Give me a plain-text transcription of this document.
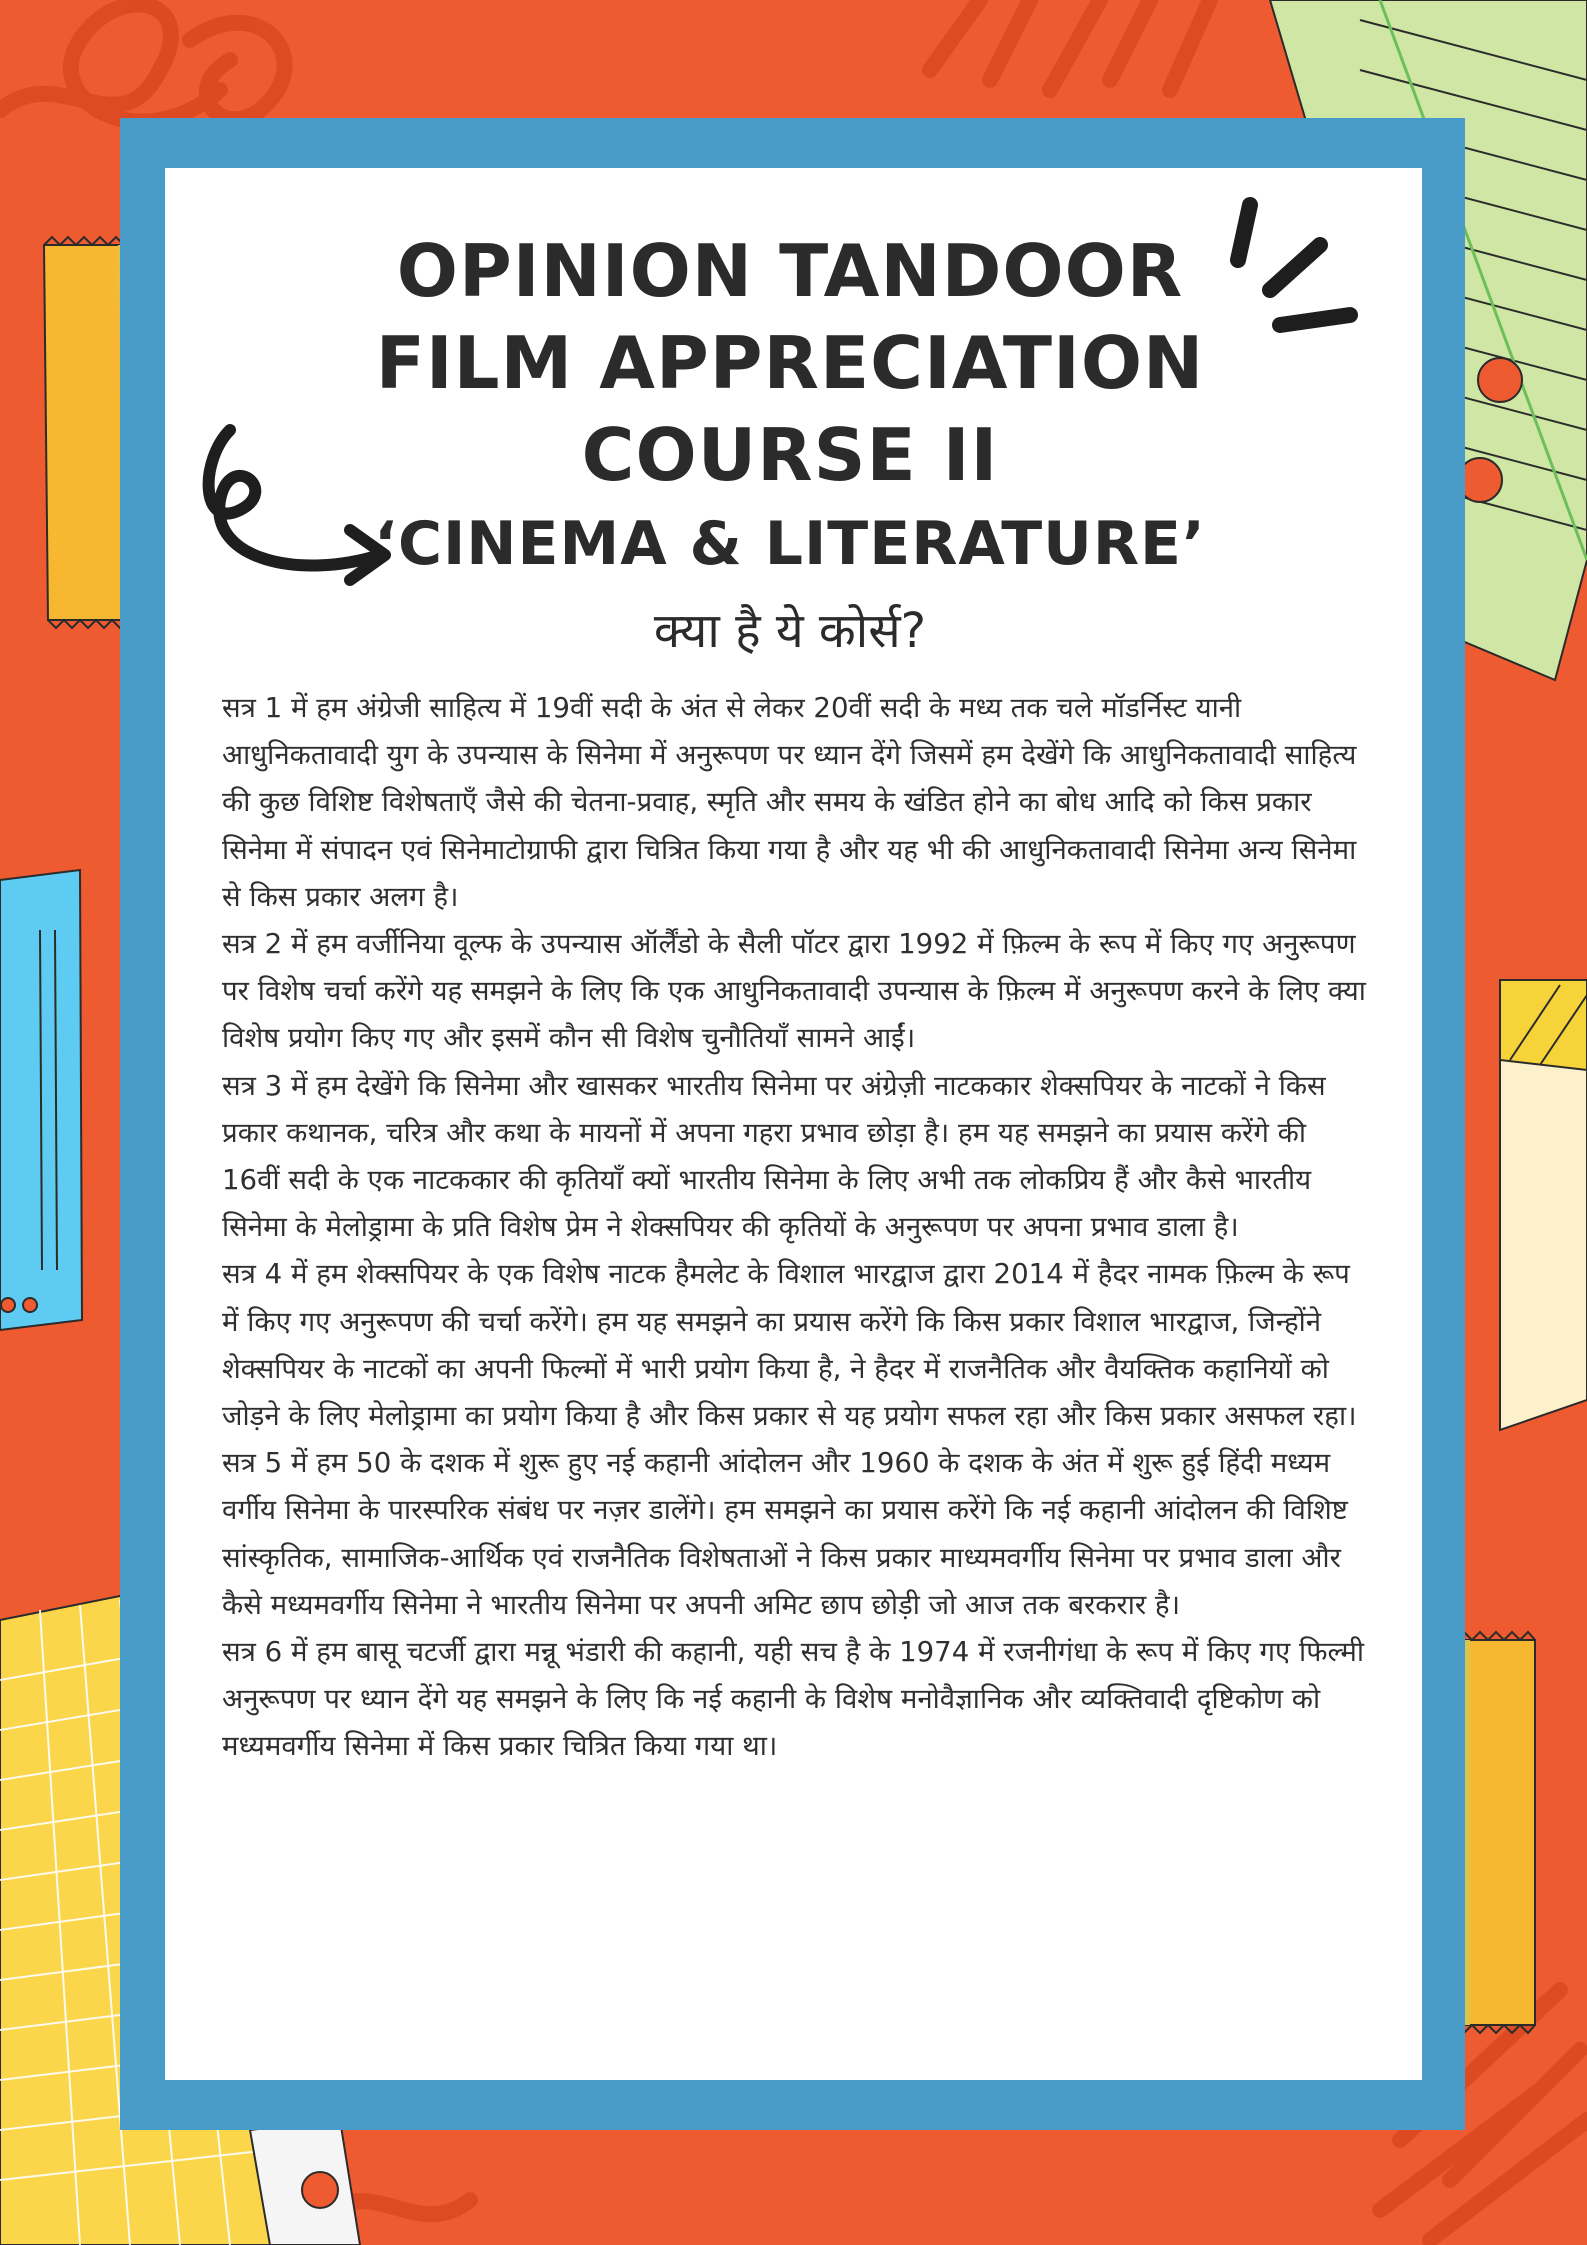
OPINION TANDOOR
FILM APPRECIATION
COURSE II
‘CINEMA & LITERATURE’
क्या है ये कोर्स?

सत्र 1 में हम अंग्रेजी साहित्य में 19वीं सदी के अंत से लेकर 20वीं सदी के मध्य तक चले मॉडर्निस्ट यानी आधुनिकतावादी युग के उपन्यास के सिनेमा में अनुरूपण पर ध्यान देंगे जिसमें हम देखेंगे कि आधुनिकतावादी साहित्य की कुछ विशिष्ट विशेषताएँ जैसे की चेतना-प्रवाह, स्मृति और समय के खंडित होने का बोध आदि को किस प्रकार सिनेमा में संपादन एवं सिनेमाटोग्राफी द्वारा चित्रित किया गया है और यह भी की आधुनिकतावादी सिनेमा अन्य सिनेमा से किस प्रकार अलग है।

सत्र 2 में हम वर्जीनिया वूल्फ के उपन्यास ऑर्लैंडो के सैली पॉटर द्वारा 1992 में फ़िल्म के रूप में किए गए अनुरूपण पर विशेष चर्चा करेंगे यह समझने के लिए कि एक आधुनिकतावादी उपन्यास के फ़िल्म में अनुरूपण करने के लिए क्या विशेष प्रयोग किए गए और इसमें कौन सी विशेष चुनौतियाँ सामने आईं।

सत्र 3 में हम देखेंगे कि सिनेमा और खासकर भारतीय सिनेमा पर अंग्रेज़ी नाटककार शेक्सपियर के नाटकों ने किस प्रकार कथानक, चरित्र और कथा के मायनों में अपना गहरा प्रभाव छोड़ा है। हम यह समझने का प्रयास करेंगे की 16वीं सदी के एक नाटककार की कृतियाँ क्यों भारतीय सिनेमा के लिए अभी तक लोकप्रिय हैं और कैसे भारतीय सिनेमा के मेलोड्रामा के प्रति विशेष प्रेम ने शेक्सपियर की कृतियों के अनुरूपण पर अपना प्रभाव डाला है।

सत्र 4 में हम शेक्सपियर के एक विशेष नाटक हैमलेट के विशाल भारद्वाज द्वारा 2014 में हैदर नामक फ़िल्म के रूप में किए गए अनुरूपण की चर्चा करेंगे। हम यह समझने का प्रयास करेंगे कि किस प्रकार विशाल भारद्वाज, जिन्होंने शेक्सपियर के नाटकों का अपनी फिल्मों में भारी प्रयोग किया है, ने हैदर में राजनैतिक और वैयक्तिक कहानियों को जोड़ने के लिए मेलोड्रामा का प्रयोग किया है और किस प्रकार से यह प्रयोग सफल रहा और किस प्रकार असफल रहा।

सत्र 5 में हम 50 के दशक में शुरू हुए नई कहानी आंदोलन और 1960 के दशक के अंत में शुरू हुई हिंदी मध्यम वर्गीय सिनेमा के पारस्परिक संबंध पर नज़र डालेंगे। हम समझने का प्रयास करेंगे कि नई कहानी आंदोलन की विशिष्ट सांस्कृतिक, सामाजिक-आर्थिक एवं राजनैतिक विशेषताओं ने किस प्रकार माध्यमवर्गीय सिनेमा पर प्रभाव डाला और कैसे मध्यमवर्गीय सिनेमा ने भारतीय सिनेमा पर अपनी अमिट छाप छोड़ी जो आज तक बरकरार है।

सत्र 6 में हम बासू चटर्जी द्वारा मन्नू भंडारी की कहानी, यही सच है के 1974 में रजनीगंधा के रूप में किए गए फिल्मी अनुरूपण पर ध्यान देंगे यह समझने के लिए कि नई कहानी के विशेष मनोवैज्ञानिक और व्यक्तिवादी दृष्टिकोण को मध्यमवर्गीय सिनेमा में किस प्रकार चित्रित किया गया था।
